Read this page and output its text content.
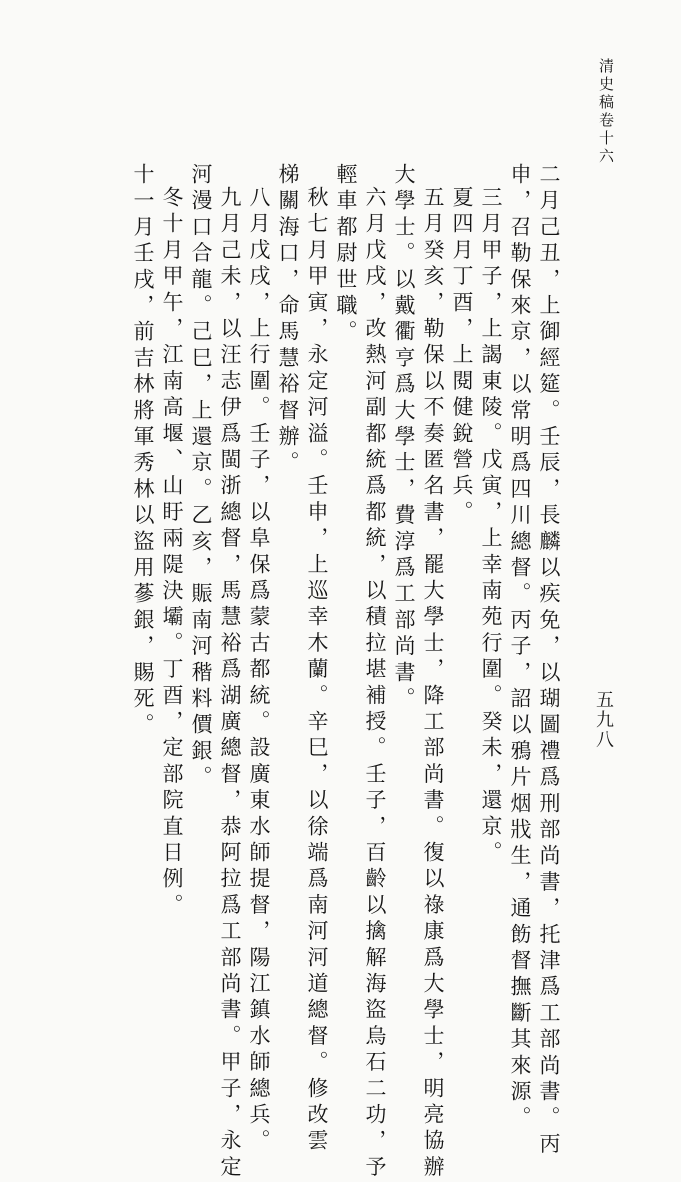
清史稿卷十六
五九八
二月己丑，上御經筵。壬辰，長麟以疾免，以瑚圖禮爲刑部尚書，托津爲工部尚書。丙
申，召勒保來京，以常明爲四川總督。丙子，詔以鴉片烟戕生，通飭督撫斷其來源。
三月甲子，上謁東陵。戊寅，上幸南苑行圍。癸未，還京。
夏四月丁酉，上閱健銳營兵。
五月癸亥，勒保以不奏匿名書，罷大學士，降工部尚書。復以祿康爲大學士，明亮協辦
大學士。以戴衢亨爲大學士，費淳爲工部尚書。
六月戊戌，改熱河副都統爲都統，以積拉堪補授。壬子，百齡以擒解海盜烏石二功，予
輕車都尉世職。
秋七月甲寅，永定河溢。壬申，上巡幸木蘭。辛巳，以徐端爲南河河道總督。修改雲
梯關海口，命馬慧裕督辦。
八月戊戌，上行圍。壬子，以阜保爲蒙古都統。設廣東水師提督，陽江鎮水師總兵。
九月己未，以汪志伊爲閩浙總督，馬慧裕爲湖廣總督，恭阿拉爲工部尚書。甲子，永定
河漫口合龍。己巳，上還京。乙亥，賑南河稭料價銀。
冬十月甲午，江南高堰、山盱兩隄決壩。丁酉，定部院直日例。
十一月壬戌，前吉林將軍秀林以盜用蔘銀，賜死。
